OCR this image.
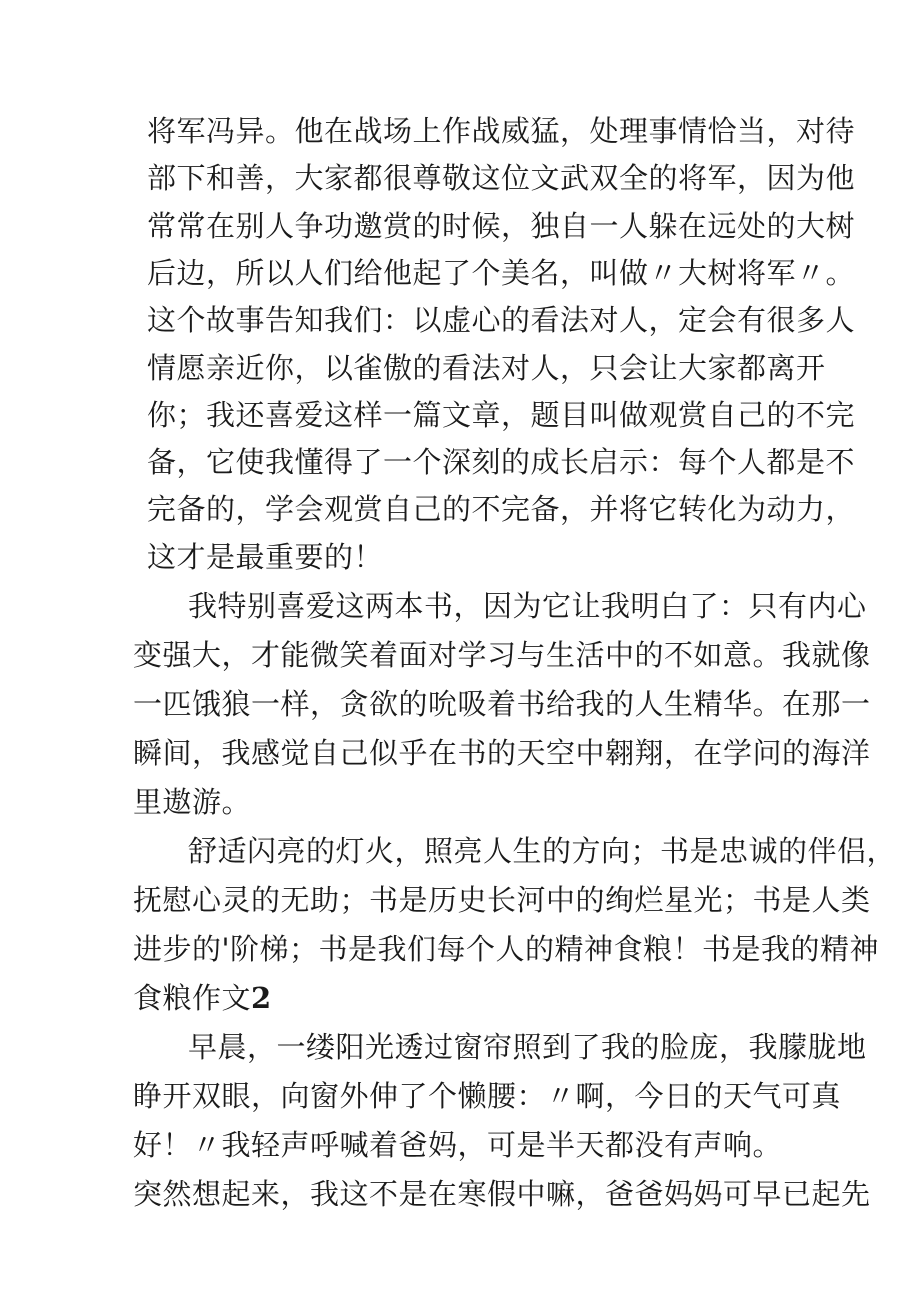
将军冯异。他在战场上作战威猛，处理事情恰当，对待
部下和善，大家都很尊敬这位文武双全的将军，因为他
常常在别人争功邀赏的时候，独自一人躲在远处的大树
后边，所以人们给他起了个美名，叫做〃大树将军〃。
这个故事告知我们：以虚心的看法对人，定会有很多人
情愿亲近你，以雀傲的看法对人，只会让大家都离开
你；我还喜爱这样一篇文章，题目叫做观赏自己的不完
备，它使我懂得了一个深刻的成长启示：每个人都是不
完备的，学会观赏自己的不完备，并将它转化为动力，
这才是最重要的！
我特别喜爱这两本书，因为它让我明白了：只有内心
变强大，才能微笑着面对学习与生活中的不如意。我就像
一匹饿狼一样，贪欲的吮吸着书给我的人生精华。在那一
瞬间，我感觉自己似乎在书的天空中翱翔，在学问的海洋
里遨游。
舒适闪亮的灯火，照亮人生的方向；书是忠诚的伴侣，
抚慰心灵的无助；书是历史长河中的绚烂星光；书是人类
进步的'阶梯；书是我们每个人的精神食粮！书是我的精神
食粮作文2
早晨，一缕阳光透过窗帘照到了我的脸庞，我朦胧地
睁开双眼，向窗外伸了个懒腰：〃啊，今日的天气可真
好！〃我轻声呼喊着爸妈，可是半天都没有声响。
突然想起来，我这不是在寒假中嘛，爸爸妈妈可早已起先
